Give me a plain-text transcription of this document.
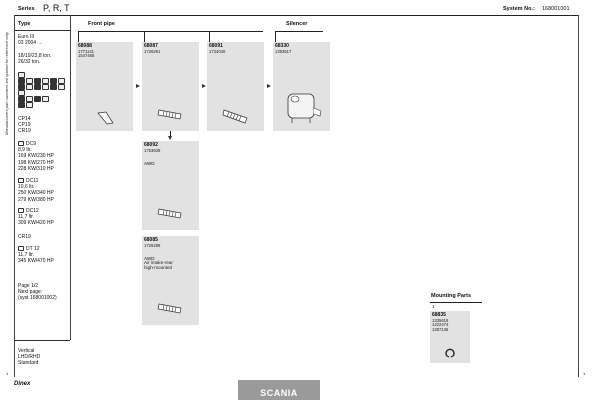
Series P, R, T	System No.: 168001001
Manufacturers part numbers are quoted for reference only
Type
Euro III
03 2004 →
18/19/23,8 ton.
26/32 ton.
CP14
CP19
CR19
DC9
8,9 ltr.
169 KW/230 HP
198 KW/270 HP
228 KW/310 HP
DC11
10,6 ltr.
250 KW/340 HP
279 KW/380 HP
DC12
11,7 ltr.
309 KW/420 HP
CR19
DT 12
11,7 ltr.
345 KW/470 HP
Page 1/2
Next page:
(syst 168001002)
Vertical
LHD/RHD
Standard
Front pipe	Silencer
68088
1771141
1547466
68087
1726291
68091
1734040
68330
1393617
68092
1753639
AWD
68085
1726289
AWD
Air intake-rear
high-mounted
Mounting Parts
1
68835
1335618
1422474
1387136
1	1
Dinex
SCANIA
